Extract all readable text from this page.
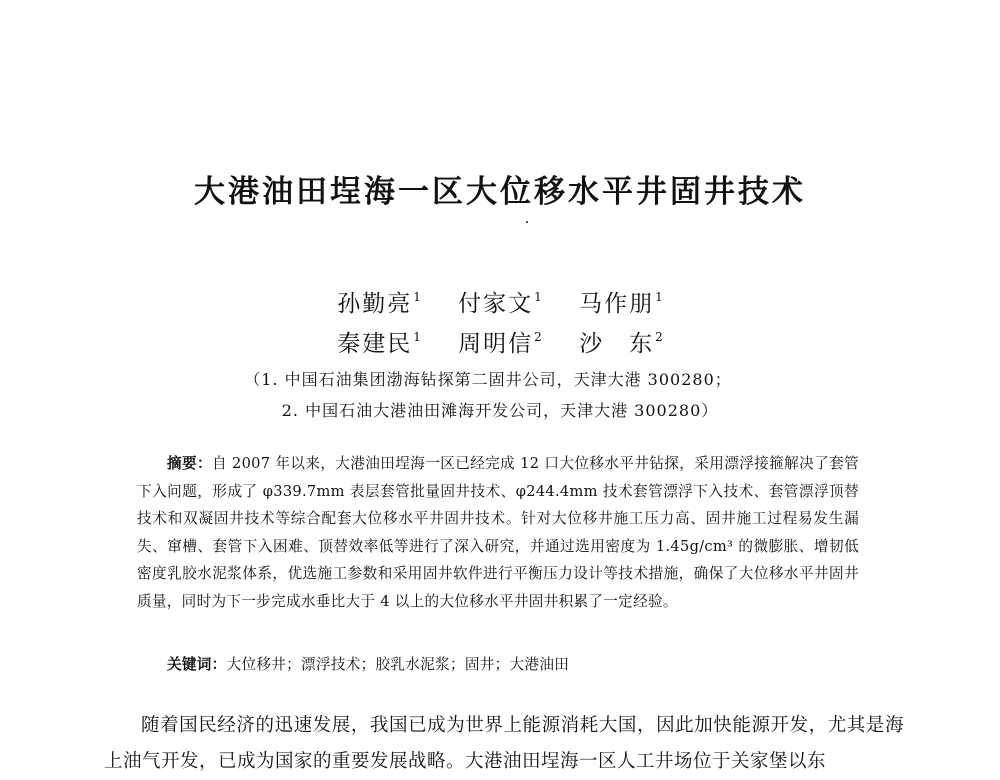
大港油田埕海一区大位移水平井固井技术
孙勤亮$^1$ 付家文$^1$ 马作朋$^1$
秦建民$^1$ 周明信$^2$ 沙　东$^2$
（1. 中国石油集团渤海钻探第二固井公司，天津大港 300280；
2. 中国石油大港油田滩海开发公司，天津大港 300280）
摘要：自 2007 年以来，大港油田埕海一区已经完成 12 口大位移水平井钻探，采用漂浮接箍解决了套管下入问题，形成了 φ339.7mm 表层套管批量固井技术、φ244.4mm 技术套管漂浮下入技术、套管漂浮顶替技术和双凝固井技术等综合配套大位移水平井固井技术。针对大位移井施工压力高、固井施工过程易发生漏失、窜槽、套管下入困难、顶替效率低等进行了深入研究，并通过选用密度为 1.45g/cm³ 的微膨胀、增韧低密度乳胶水泥浆体系，优选施工参数和采用固井软件进行平衡压力设计等技术措施，确保了大位移水平井固井质量，同时为下一步完成水垂比大于 4 以上的大位移水平井固井积累了一定经验。
关键词：大位移井；漂浮技术；胶乳水泥浆；固井；大港油田
随着国民经济的迅速发展，我国已成为世界上能源消耗大国，因此加快能源开发，尤其是海上油气开发，已成为国家的重要发展战略。大港油田埕海一区人工井场位于关家堡以东
